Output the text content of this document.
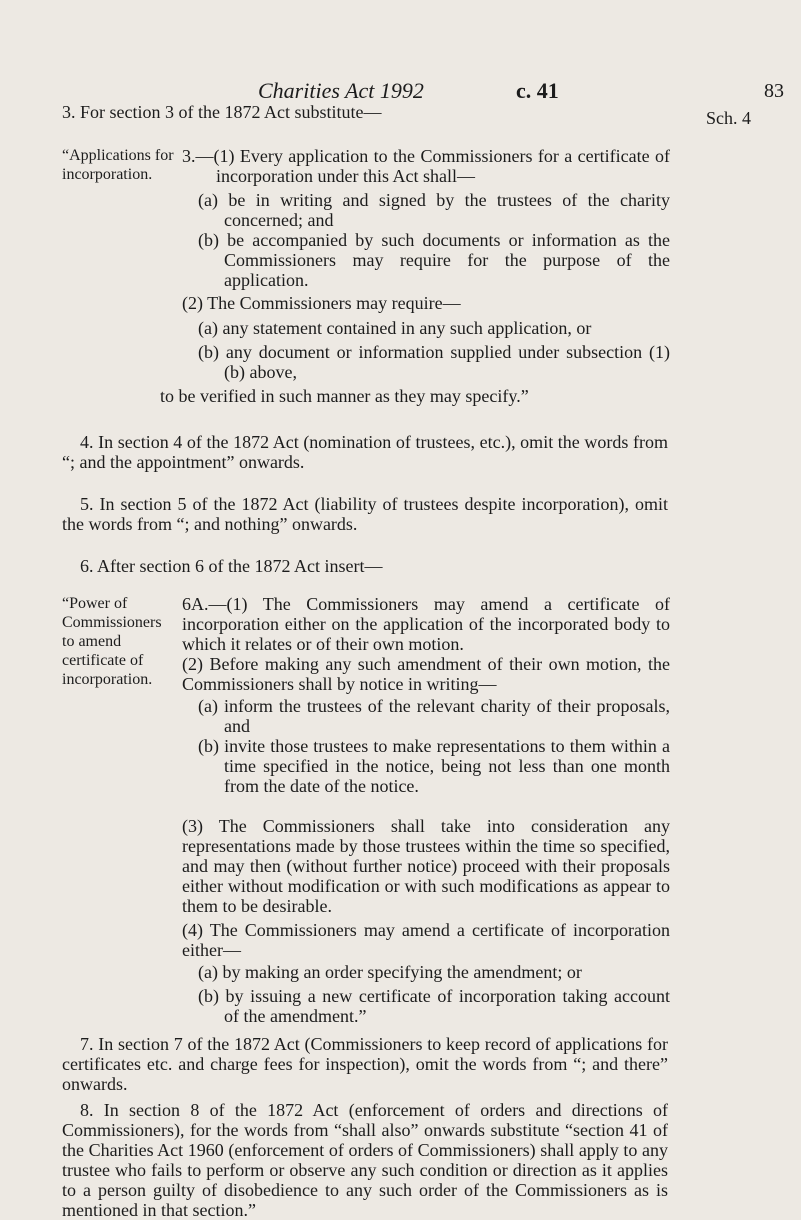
Charities Act 1992	c. 41	83
Sch. 4

3. For section 3 of the 1872 Act substitute—

“Applications for incorporation.

3.—(1) Every application to the Commissioners for a certificate of incorporation under this Act shall—

(a) be in writing and signed by the trustees of the charity concerned; and

(b) be accompanied by such documents or information as the Commissioners may require for the purpose of the application.

(2) The Commissioners may require—

(a) any statement contained in any such application, or

(b) any document or information supplied under subsection (1)(b) above,

to be verified in such manner as they may specify.”

4. In section 4 of the 1872 Act (nomination of trustees, etc.), omit the words from “; and the appointment” onwards.

5. In section 5 of the 1872 Act (liability of trustees despite incorporation), omit the words from “; and nothing” onwards.

6. After section 6 of the 1872 Act insert—

“Power of Commissioners to amend certificate of incorporation.

6A.—(1) The Commissioners may amend a certificate of incorporation either on the application of the incorporated body to which it relates or of their own motion.

(2) Before making any such amendment of their own motion, the Commissioners shall by notice in writing—

(a) inform the trustees of the relevant charity of their proposals, and

(b) invite those trustees to make representations to them within a time specified in the notice, being not less than one month from the date of the notice.

(3) The Commissioners shall take into consideration any representations made by those trustees within the time so specified, and may then (without further notice) proceed with their proposals either without modification or with such modifications as appear to them to be desirable.

(4) The Commissioners may amend a certificate of incorporation either—

(a) by making an order specifying the amendment; or

(b) by issuing a new certificate of incorporation taking account of the amendment.”

7. In section 7 of the 1872 Act (Commissioners to keep record of applications for certificates etc. and charge fees for inspection), omit the words from “; and there” onwards.

8. In section 8 of the 1872 Act (enforcement of orders and directions of Commissioners), for the words from “shall also” onwards substitute “section 41 of the Charities Act 1960 (enforcement of orders of Commissioners) shall apply to any trustee who fails to perform or observe any such condition or direction as it applies to a person guilty of disobedience to any such order of the Commissioners as is mentioned in that section.”
